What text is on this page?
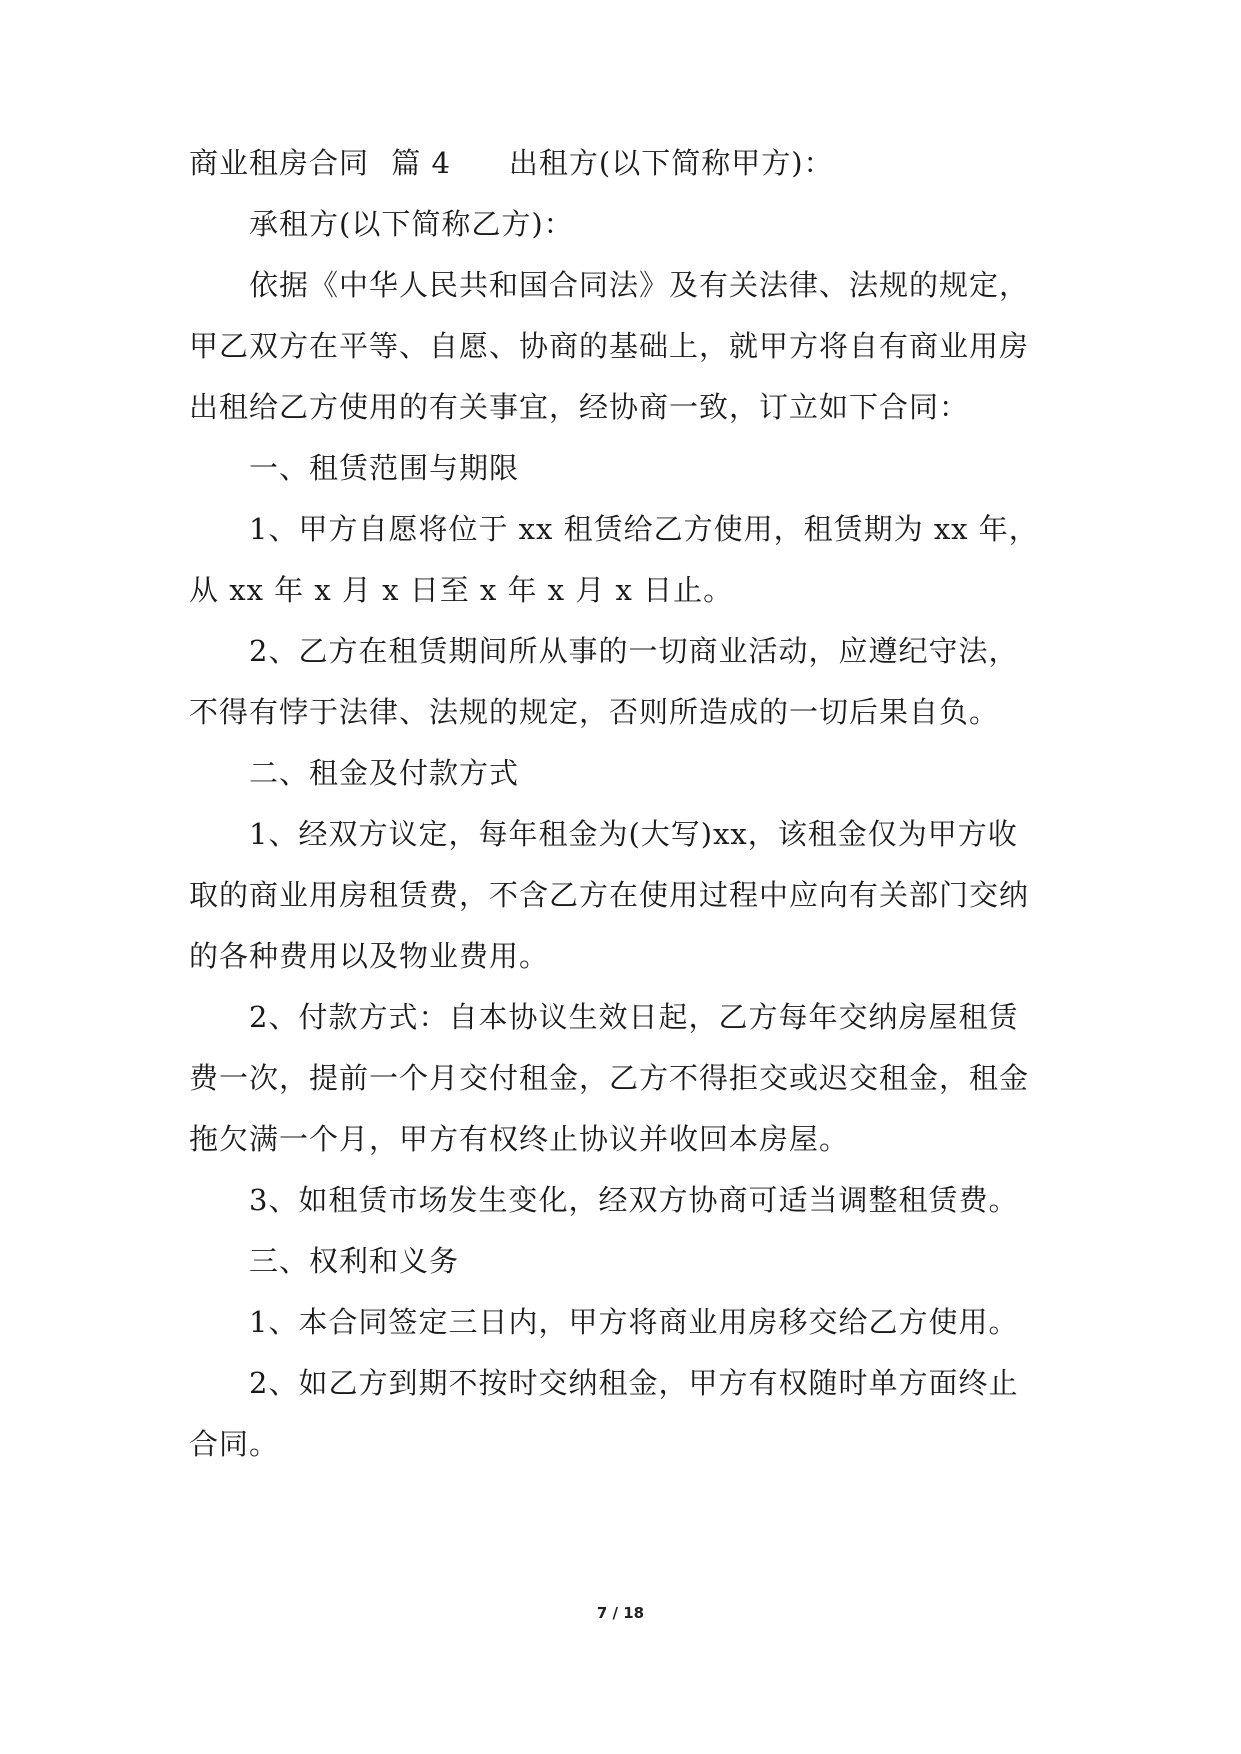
商业租房合同 篇 4 出租方(以下简称甲方)：
承租方(以下简称乙方)：
依据《中华人民共和国合同法》及有关法律、法规的规定，
甲乙双方在平等、自愿、协商的基础上，就甲方将自有商业用房
出租给乙方使用的有关事宜，经协商一致，订立如下合同：
一、租赁范围与期限
1、甲方自愿将位于 xx 租赁给乙方使用，租赁期为 xx 年，
从 xx 年 x 月 x 日至 x 年 x 月 x 日止。
2、乙方在租赁期间所从事的一切商业活动，应遵纪守法，
不得有悖于法律、法规的规定，否则所造成的一切后果自负。
二、租金及付款方式
1、经双方议定，每年租金为(大写)xx，该租金仅为甲方收
取的商业用房租赁费，不含乙方在使用过程中应向有关部门交纳
的各种费用以及物业费用。
2、付款方式：自本协议生效日起，乙方每年交纳房屋租赁
费一次，提前一个月交付租金，乙方不得拒交或迟交租金，租金
拖欠满一个月，甲方有权终止协议并收回本房屋。
3、如租赁市场发生变化，经双方协商可适当调整租赁费。
三、权利和义务
1、本合同签定三日内，甲方将商业用房移交给乙方使用。
2、如乙方到期不按时交纳租金，甲方有权随时单方面终止
合同。
7 / 18
